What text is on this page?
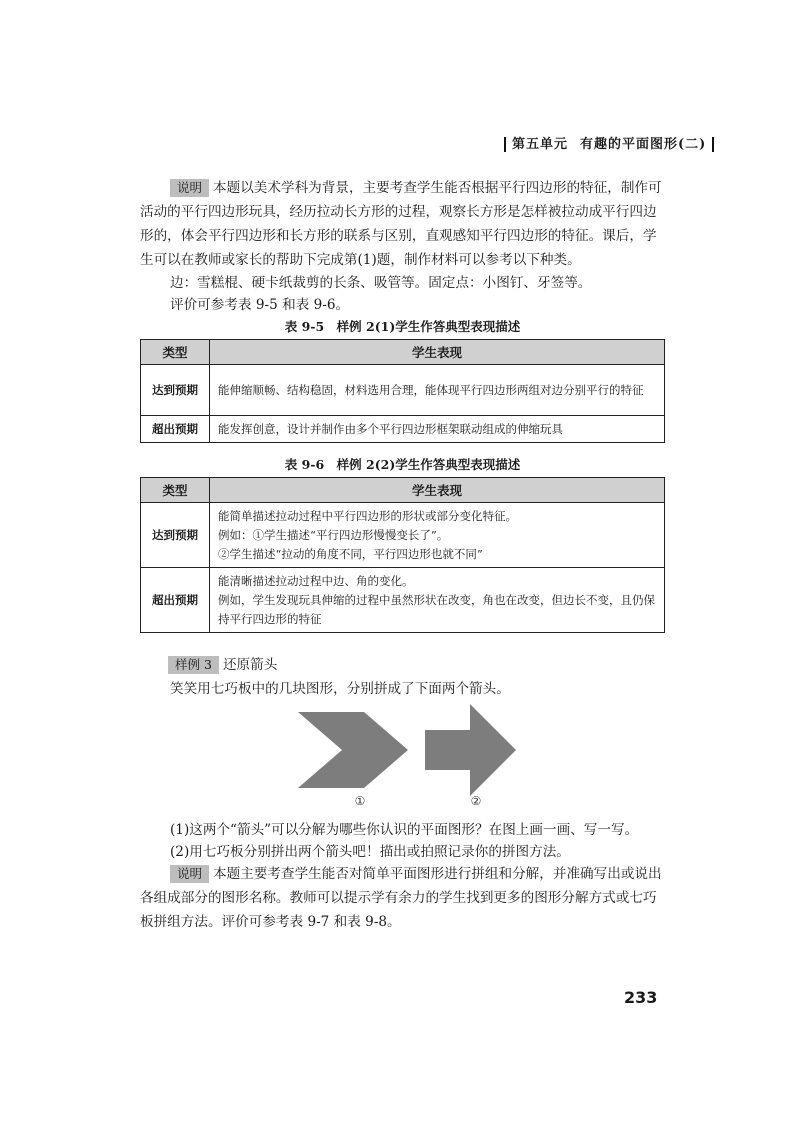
第五单元 有趣的平面图形(二)
说明 本题以美术学科为背景，主要考查学生能否根据平行四边形的特征，制作可活动的平行四边形玩具，经历拉动长方形的过程，观察长方形是怎样被拉动成平行四边形的，体会平行四边形和长方形的联系与区别，直观感知平行四边形的特征。课后，学生可以在教师或家长的帮助下完成第(1)题，制作材料可以参考以下种类。
边：雪糕棍、硬卡纸裁剪的长条、吸管等。固定点：小图钉、牙签等。
评价可参考表 9-5 和表 9-6。
表 9-5　样例 2(1)学生作答典型表现描述
类型	学生表现
达到预期	能伸缩顺畅、结构稳固，材料选用合理，能体现平行四边形两组对边分别平行的特征
超出预期	能发挥创意，设计并制作由多个平行四边形框架联动组成的伸缩玩具
表 9-6　样例 2(2)学生作答典型表现描述
类型	学生表现
达到预期	能简单描述拉动过程中平行四边形的形状或部分变化特征。
例如：①学生描述“平行四边形慢慢变长了”。
②学生描述“拉动的角度不同，平行四边形也就不同”

超出预期	能清晰描述拉动过程中边、角的变化。
例如，学生发现玩具伸缩的过程中虽然形状在改变，角也在改变，但边长不变，且仍保持平行四边形的特征
样例 3 还原箭头
笑笑用七巧板中的几块图形，分别拼成了下面两个箭头。
①	②
(1)这两个“箭头”可以分解为哪些你认识的平面图形？在图上画一画、写一写。
(2)用七巧板分别拼出两个箭头吧！描出或拍照记录你的拼图方法。
说明 本题主要考查学生能否对简单平面图形进行拼组和分解，并准确写出或说出各组成部分的图形名称。教师可以提示学有余力的学生找到更多的图形分解方式或七巧板拼组方法。评价可参考表 9-7 和表 9-8。
233
